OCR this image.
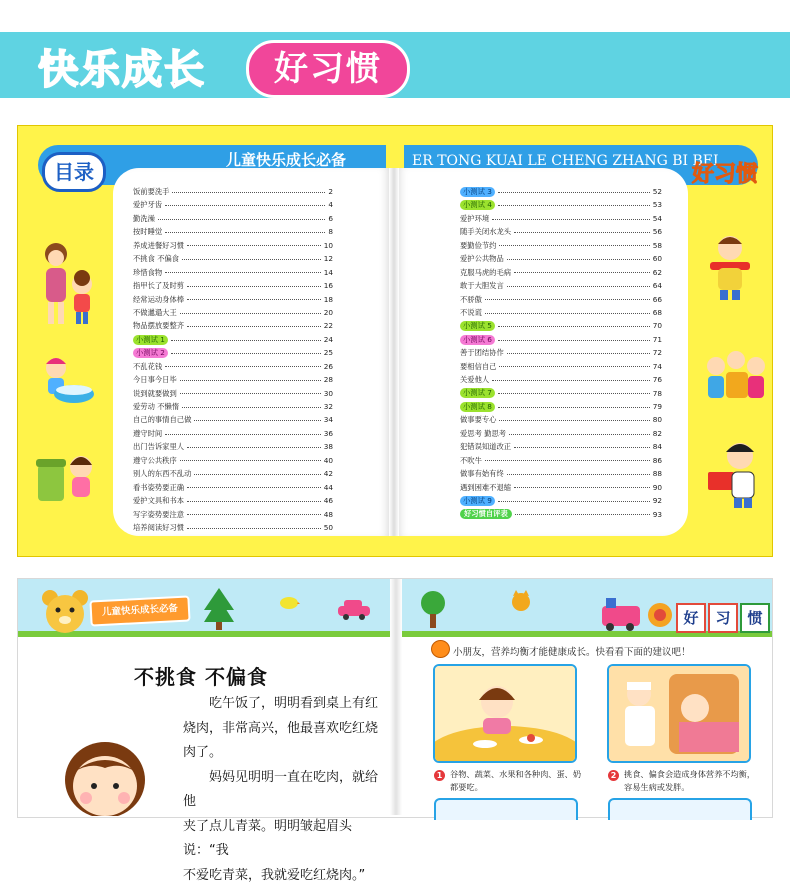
快乐成长	好习惯
目录	儿童快乐成长必备	ER TONG KUAI LE CHENG ZHANG BI BEI
好习惯
饭前要洗手	2
爱护牙齿	4
勤洗澡	6
按时睡觉	8
养成进餐好习惯	10
不挑食 不偏食	12
珍惜食物	14
指甲长了及时剪	16
经常运动身体棒	18
不做邋遢大王	20
物品摆放要整齐	22
小测试 1	24
小测试 2	25
不乱花钱	26
今日事今日毕	28
说到就要做到	30
爱劳动 不懒惰	32
自己的事情自己做	34
遵守时间	36
出门告诉家里人	38
遵守公共秩序	40
别人的东西不乱动	42
看书姿势要正确	44
爱护文具和书本	46
写字姿势要注意	48
培养阅读好习惯	50
小测试 3	52
小测试 4	53
爱护环境	54
随手关闭水龙头	56
要勤俭节约	58
爱护公共物品	60
克服马虎的毛病	62
敢于大胆发言	64
不骄傲	66
不说谎	68
小测试 5	70
小测试 6	71
善于团结协作	72
要相信自己	74
关爱他人	76
小测试 7	78
小测试 8	79
做事要专心	80
爱思考 勤思考	82
犯错误知道改正	84
不吹牛	86
做事有始有终	88
遇到困难不退缩	90
小测试 9	92
好习惯自评表	93
儿童快乐成长必备	好	习	惯
不挑食 不偏食

吃午饭了，明明看到桌上有红

烧肉，非常高兴，他最喜欢吃红烧肉了。

妈妈见明明一直在吃肉，就给他

夹了点儿青菜。明明皱起眉头说：“我

不爱吃青菜，我就爱吃红烧肉。”

小朋友，营养均衡才能健康成长。快看看下面的建议吧！
1 谷物、蔬菜、水果和各种肉、蛋、奶都要吃。
2 挑食、偏食会造成身体营养不均衡，容易生病或发胖。
